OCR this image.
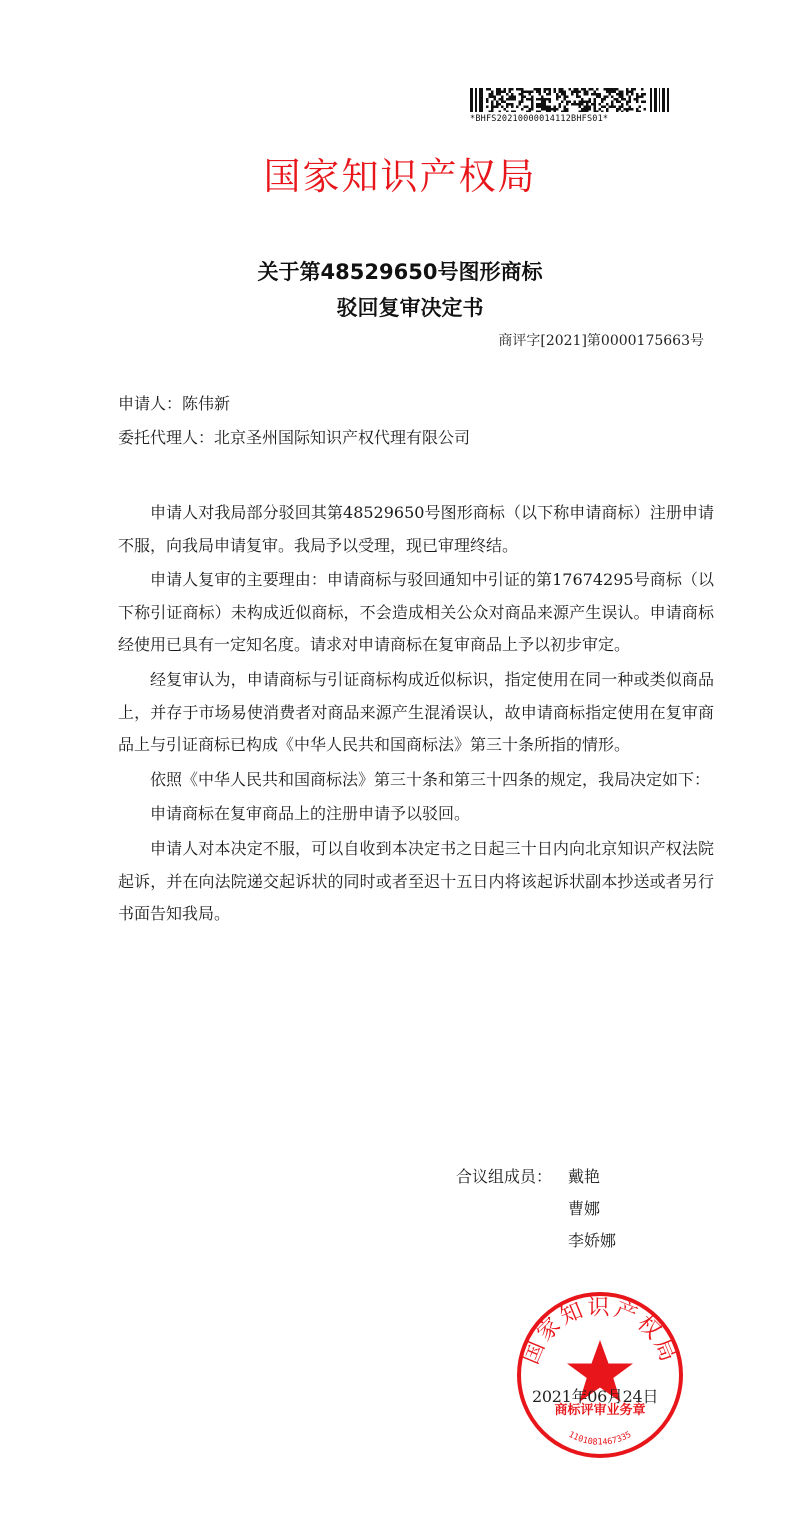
*BHFS20210000014112BHFS01*
国家知识产权局
关于第48529650号图形商标
驳回复审决定书
商评字[2021]第0000175663号
申请人：陈伟新
委托代理人：北京圣州国际知识产权代理有限公司

申请人对我局部分驳回其第48529650号图形商标（以下称申请商标）注册申请不服，向我局申请复审。我局予以受理，现已审理终结。

申请人复审的主要理由：申请商标与驳回通知中引证的第17674295号商标（以下称引证商标）未构成近似商标，不会造成相关公众对商品来源产生误认。申请商标经使用已具有一定知名度。请求对申请商标在复审商品上予以初步审定。

经复审认为，申请商标与引证商标构成近似标识，指定使用在同一种或类似商品上，并存于市场易使消费者对商品来源产生混淆误认，故申请商标指定使用在复审商品上与引证商标已构成《中华人民共和国商标法》第三十条所指的情形。

依照《中华人民共和国商标法》第三十条和第三十四条的规定，我局决定如下：

申请商标在复审商品上的注册申请予以驳回。

申请人对本决定不服，可以自收到本决定书之日起三十日内向北京知识产权法院起诉，并在向法院递交起诉状的同时或者至迟十五日内将该起诉状副本抄送或者另行书面告知我局。

合议组成员： 戴艳
曹娜
李娇娜
国家知识产权局
商标评审业务章
1101081467335
2021年06月24日
